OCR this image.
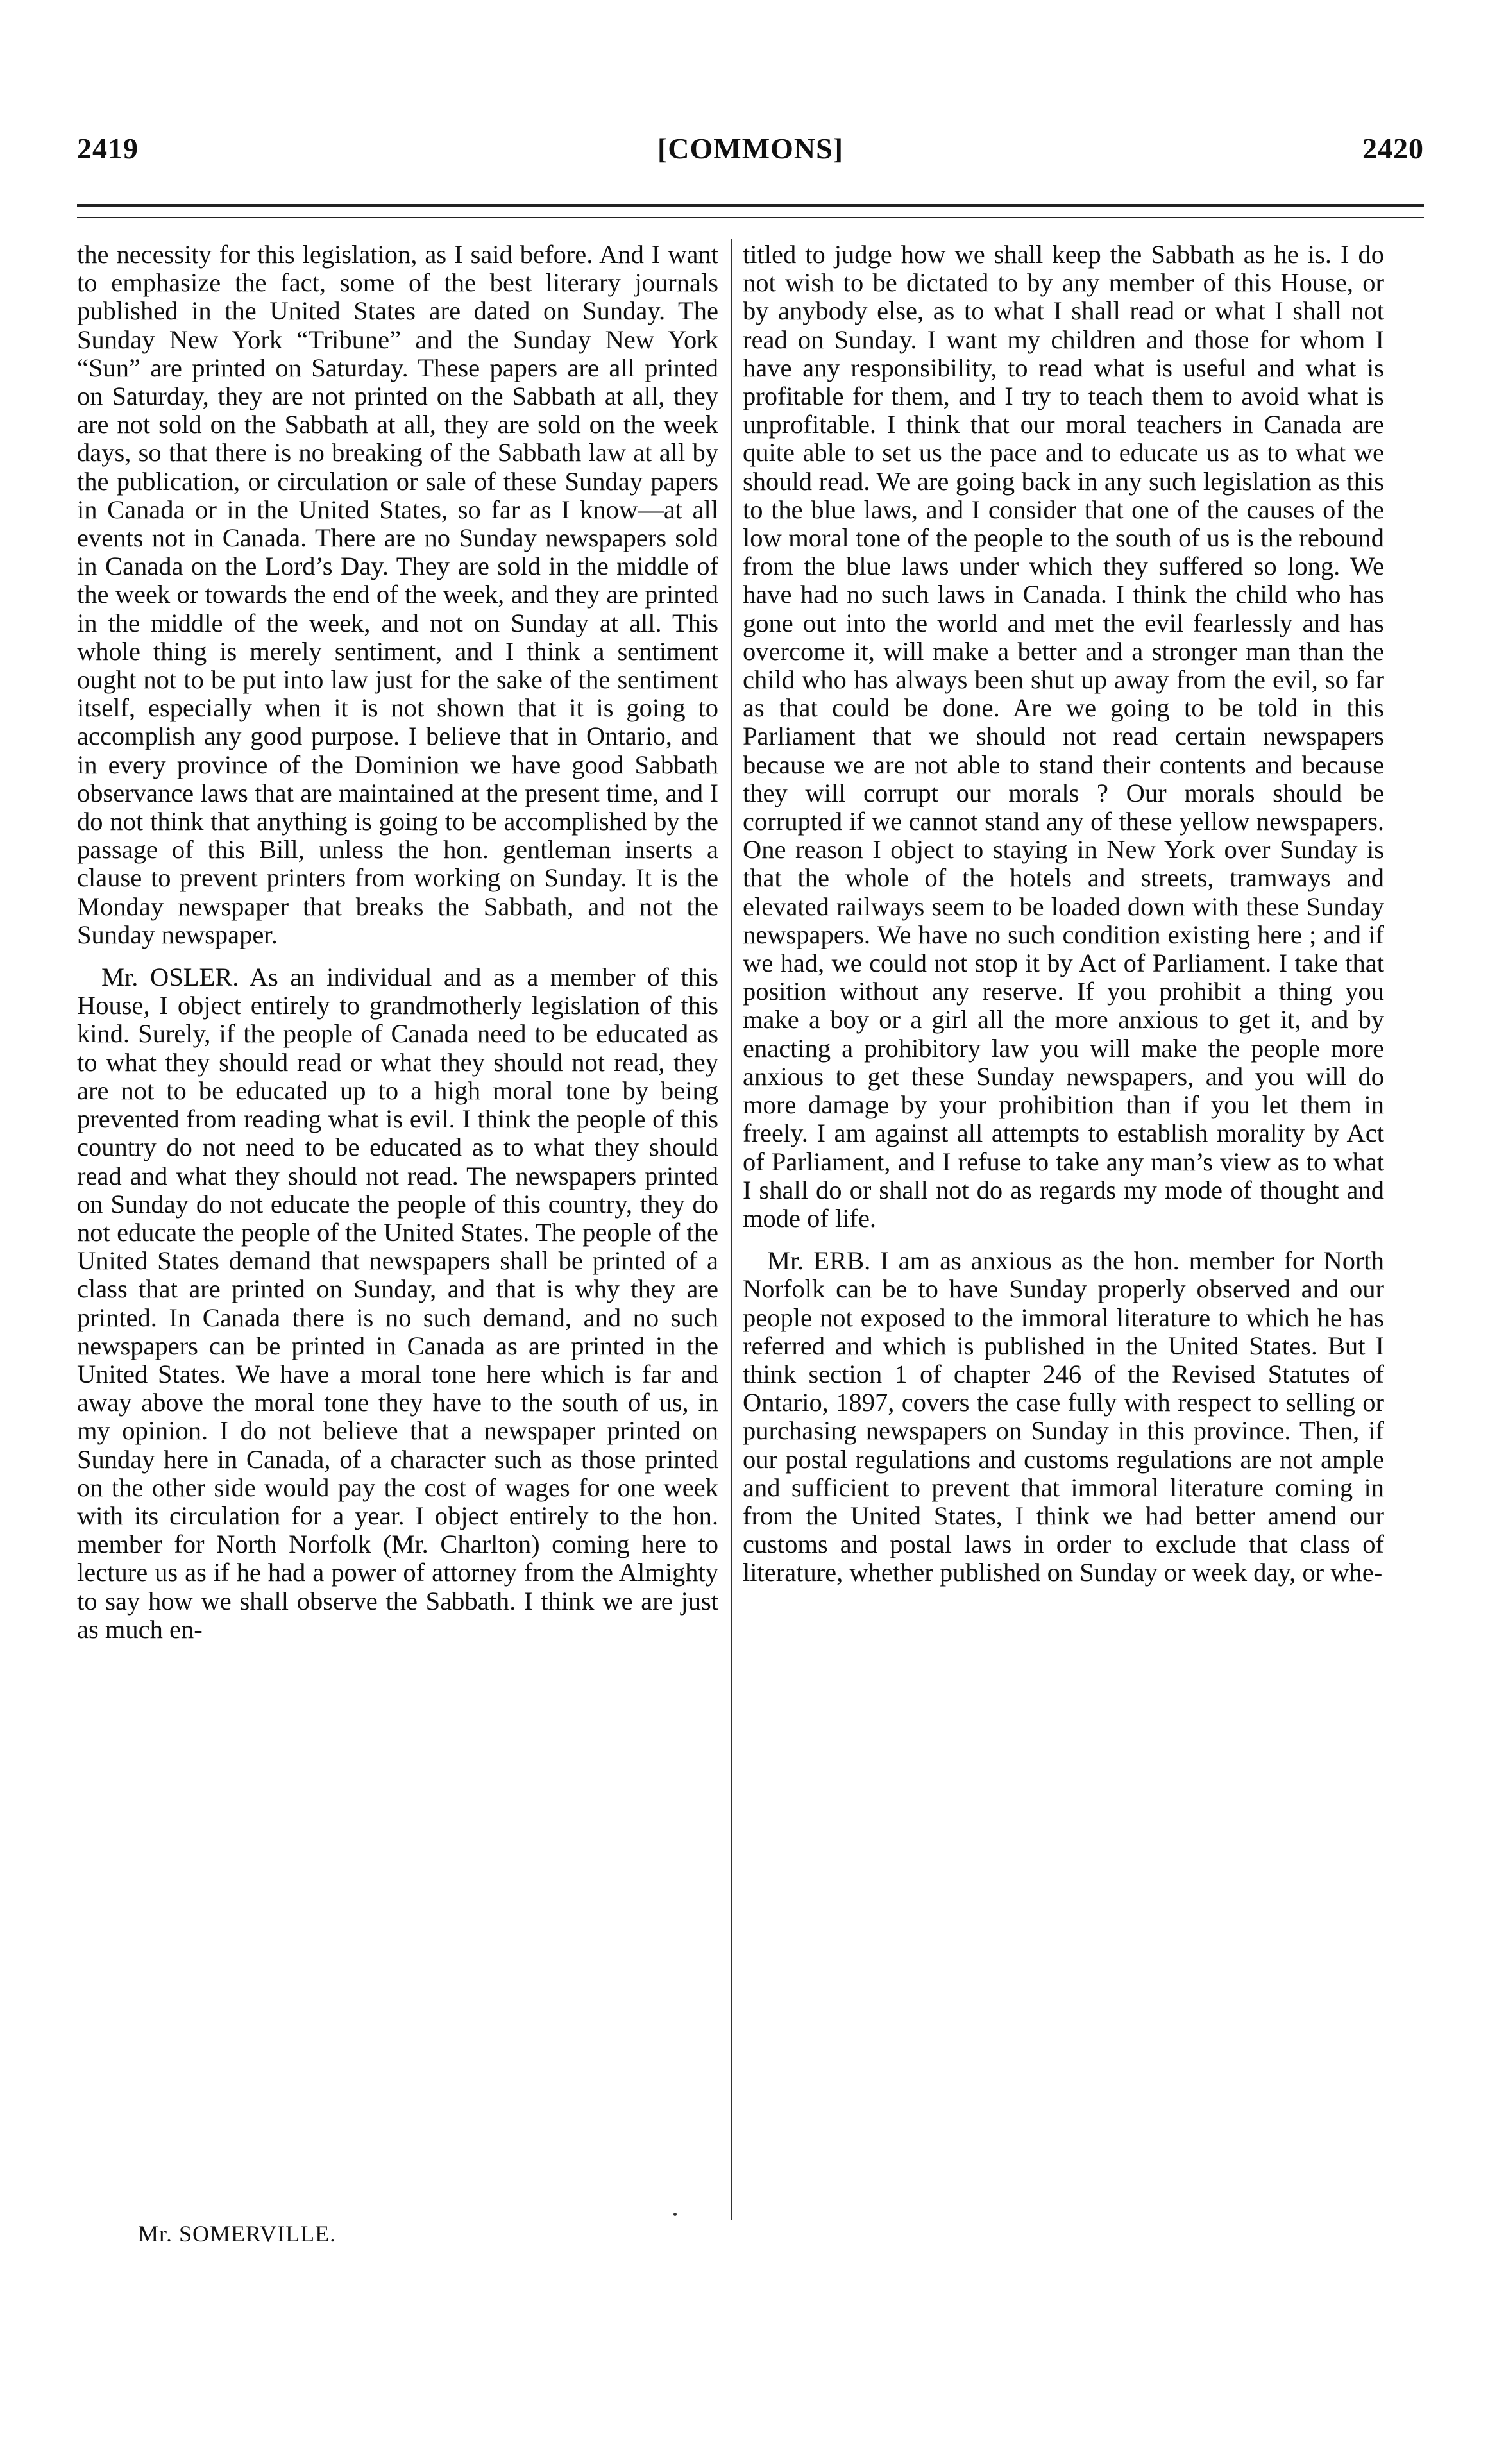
2419	[COMMONS]	2420

the necessity for this legislation, as I said before. And I want to emphasize the fact, some of the best literary journals published in the United States are dated on Sunday. The Sunday New York “Tribune” and the Sunday New York “Sun” are printed on Saturday. These papers are all printed on Saturday, they are not printed on the Sabbath at all, they are not sold on the Sabbath at all, they are sold on the week days, so that there is no breaking of the Sabbath law at all by the publication, or circulation or sale of these Sunday papers in Canada or in the United States, so far as I know—at all events not in Canada. There are no Sunday newspapers sold in Canada on the Lord’s Day. They are sold in the middle of the week or towards the end of the week, and they are printed in the middle of the week, and not on Sunday at all. This whole thing is merely sentiment, and I think a sentiment ought not to be put into law just for the sake of the sentiment itself, especially when it is not shown that it is going to accomplish any good purpose. I believe that in Ontario, and in every province of the Dominion we have good Sabbath observance laws that are maintained at the present time, and I do not think that anything is going to be accomplished by the passage of this Bill, unless the hon. gentleman inserts a clause to prevent printers from working on Sunday. It is the Monday newspaper that breaks the Sabbath, and not the Sunday newspaper.

Mr. OSLER. As an individual and as a member of this House, I object entirely to grandmotherly legislation of this kind. Surely, if the people of Canada need to be educated as to what they should read or what they should not read, they are not to be educated up to a high moral tone by being prevented from reading what is evil. I think the people of this country do not need to be educated as to what they should read and what they should not read. The newspapers printed on Sunday do not educate the people of this country, they do not educate the people of the United States. The people of the United States demand that newspapers shall be printed of a class that are printed on Sunday, and that is why they are printed. In Canada there is no such demand, and no such newspapers can be printed in Canada as are printed in the United States. We have a moral tone here which is far and away above the moral tone they have to the south of us, in my opinion. I do not believe that a newspaper printed on Sunday here in Canada, of a character such as those printed on the other side would pay the cost of wages for one week with its circulation for a year. I object entirely to the hon. member for North Norfolk (Mr. Charlton) coming here to lecture us as if he had a power of attorney from the Almighty to say how we shall observe the Sabbath. I think we are just as much en-

titled to judge how we shall keep the Sabbath as he is. I do not wish to be dictated to by any member of this House, or by anybody else, as to what I shall read or what I shall not read on Sunday. I want my children and those for whom I have any responsibility, to read what is useful and what is profitable for them, and I try to teach them to avoid what is unprofitable. I think that our moral teachers in Canada are quite able to set us the pace and to educate us as to what we should read. We are going back in any such legislation as this to the blue laws, and I consider that one of the causes of the low moral tone of the people to the south of us is the rebound from the blue laws under which they suffered so long. We have had no such laws in Canada. I think the child who has gone out into the world and met the evil fearlessly and has overcome it, will make a better and a stronger man than the child who has always been shut up away from the evil, so far as that could be done. Are we going to be told in this Parliament that we should not read certain newspapers because we are not able to stand their contents and because they will corrupt our morals ? Our morals should be corrupted if we cannot stand any of these yellow newspapers. One reason I object to staying in New York over Sunday is that the whole of the hotels and streets, tramways and elevated railways seem to be loaded down with these Sunday newspapers. We have no such condition existing here ; and if we had, we could not stop it by Act of Parliament. I take that position without any reserve. If you prohibit a thing you make a boy or a girl all the more anxious to get it, and by enacting a prohibitory law you will make the people more anxious to get these Sunday newspapers, and you will do more damage by your prohibition than if you let them in freely. I am against all attempts to establish morality by Act of Parliament, and I refuse to take any man’s view as to what I shall do or shall not do as regards my mode of thought and mode of life.

Mr. ERB. I am as anxious as the hon. member for North Norfolk can be to have Sunday properly observed and our people not exposed to the immoral literature to which he has referred and which is published in the United States. But I think section 1 of chapter 246 of the Revised Statutes of Ontario, 1897, covers the case fully with respect to selling or purchasing newspapers on Sunday in this province. Then, if our postal regulations and customs regulations are not ample and sufficient to prevent that immoral literature coming in from the United States, I think we had better amend our customs and postal laws in order to exclude that class of literature, whether published on Sunday or week day, or whe-

Mr. SOMERVILLE.
